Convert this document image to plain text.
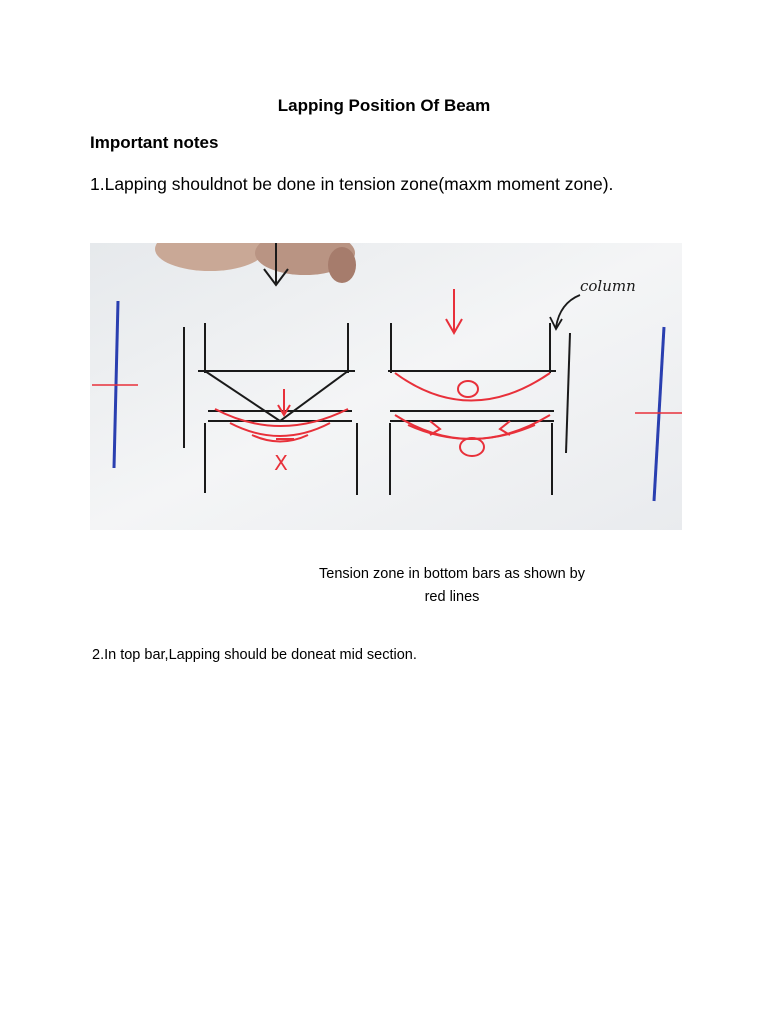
Lapping Position Of Beam
Important notes
1.Lapping shouldnot be done in tension zone(maxm moment zone).
X
column
Tension zone in bottom bars as shown by
red lines
2.In top bar,Lapping should be doneat mid section.
